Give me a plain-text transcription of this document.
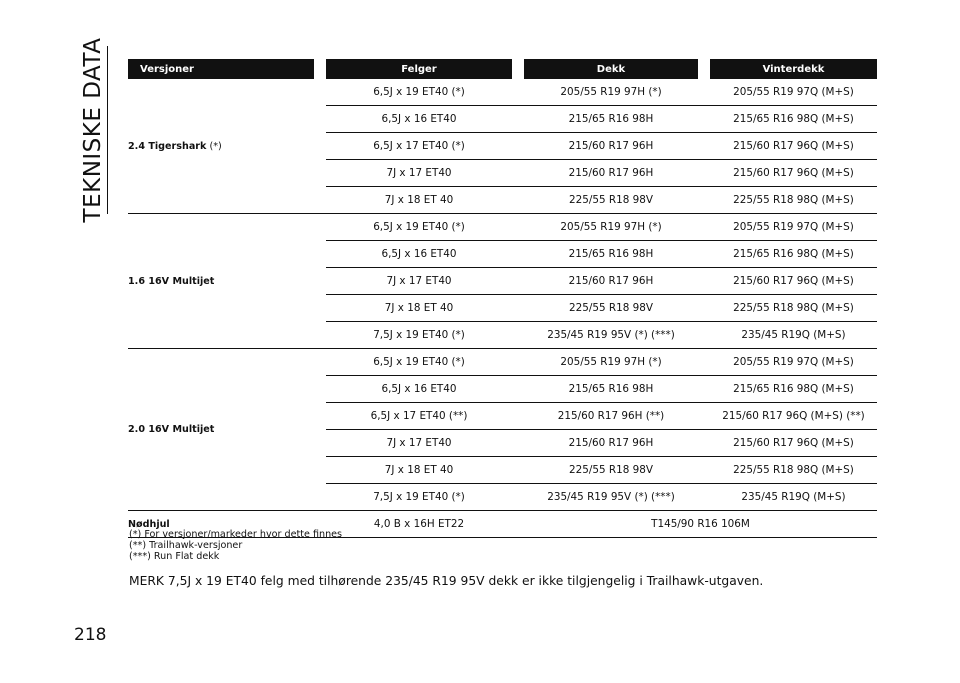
TEKNISKE DATA	Versjoner		Felger		Dekk		Vinterdekk
2.4 Tigershark (*)		6,5J x 19 ET40 (*)		205/55 R19 97H (*)		205/55 R19 97Q (M+S)
		6,5J x 16 ET40		215/65 R16 98H		215/65 R16 98Q (M+S)
		6,5J x 17 ET40 (*)		215/60 R17 96H		215/60 R17 96Q (M+S)
		7J x 17 ET40		215/60 R17 96H		215/60 R17 96Q (M+S)
		7J x 18 ET 40		225/55 R18 98V		225/55 R18 98Q (M+S)
1.6 16V Multijet		6,5J x 19 ET40 (*)		205/55 R19 97H (*)		205/55 R19 97Q (M+S)
		6,5J x 16 ET40		215/65 R16 98H		215/65 R16 98Q (M+S)
		7J x 17 ET40		215/60 R17 96H		215/60 R17 96Q (M+S)
		7J x 18 ET 40		225/55 R18 98V		225/55 R18 98Q (M+S)
		7,5J x 19 ET40 (*)		235/45 R19 95V (*) (***)		235/45 R19Q (M+S)
2.0 16V Multijet		6,5J x 19 ET40 (*)		205/55 R19 97H (*)		205/55 R19 97Q (M+S)
		6,5J x 16 ET40		215/65 R16 98H		215/65 R16 98Q (M+S)
		6,5J x 17 ET40 (**)		215/60 R17 96H (**)		215/60 R17 96Q (M+S) (**)
		7J x 17 ET40		215/60 R17 96H		215/60 R17 96Q (M+S)
		7J x 18 ET 40		225/55 R18 98V		225/55 R18 98Q (M+S)
		7,5J x 19 ET40 (*)		235/45 R19 95V (*) (***)		235/45 R19Q (M+S)
Nødhjul		4,0 B x 16H ET22		T145/90 R16 106M		
(*) For versjoner/markeder hvor dette finnes
(**) Trailhawk-versjoner
(***) Run Flat dekk
MERK 7,5J x 19 ET40 felg med tilhørende 235/45 R19 95V dekk er ikke tilgjengelig i Trailhawk-utgaven.
218
